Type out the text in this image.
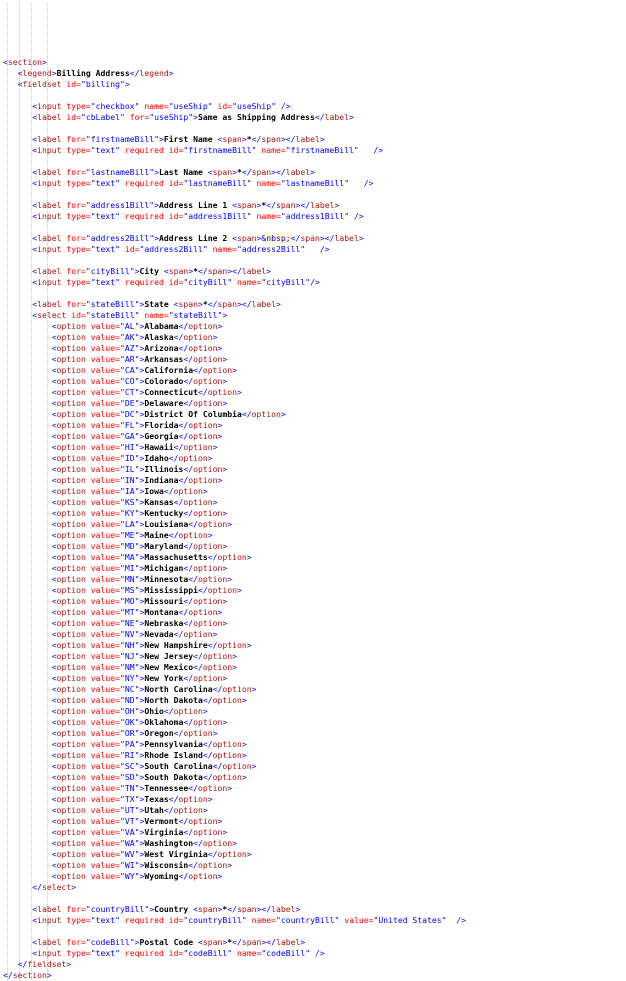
<section>
<legend>Billing Address</legend>
<fieldset id="billing">
<input type="checkbox" name="useShip" id="useShip" />
<label id="cbLabel" for="useShip">Same as Shipping Address</label>
<label for="firstnameBill">First Name <span>*</span></label>
<input type="text" required id="firstnameBill" name="firstnameBill" />
<label for="lastnameBill">Last Name <span>*</span></label>
<input type="text" required id="lastnameBill" name="lastnameBill" />
<label for="address1Bill">Address Line 1 <span>*</span></label>
<input type="text" required id="address1Bill" name="address1Bill" />
<label for="address2Bill">Address Line 2 <span>&nbsp;</span></label>
<input type="text" id="address2Bill" name="address2Bill" />
<label for="cityBill">City <span>*</span></label>
<input type="text" required id="cityBill" name="cityBill"/>
<label for="stateBill">State <span>*</span></label>
<select id="stateBill" name="stateBill">
<option value="AL">Alabama</option>
<option value="AK">Alaska</option>
<option value="AZ">Arizona</option>
<option value="AR">Arkansas</option>
<option value="CA">California</option>
<option value="CO">Colorado</option>
<option value="CT">Connecticut</option>
<option value="DE">Delaware</option>
<option value="DC">District Of Columbia</option>
<option value="FL">Florida</option>
<option value="GA">Georgia</option>
<option value="HI">Hawaii</option>
<option value="ID">Idaho</option>
<option value="IL">Illinois</option>
<option value="IN">Indiana</option>
<option value="IA">Iowa</option>
<option value="KS">Kansas</option>
<option value="KY">Kentucky</option>
<option value="LA">Louisiana</option>
<option value="ME">Maine</option>
<option value="MD">Maryland</option>
<option value="MA">Massachusetts</option>
<option value="MI">Michigan</option>
<option value="MN">Minnesota</option>
<option value="MS">Mississippi</option>
<option value="MO">Missouri</option>
<option value="MT">Montana</option>
<option value="NE">Nebraska</option>
<option value="NV">Nevada</option>
<option value="NH">New Hampshire</option>
<option value="NJ">New Jersey</option>
<option value="NM">New Mexico</option>
<option value="NY">New York</option>
<option value="NC">North Carolina</option>
<option value="ND">North Dakota</option>
<option value="OH">Ohio</option>
<option value="OK">Oklahoma</option>
<option value="OR">Oregon</option>
<option value="PA">Pennsylvania</option>
<option value="RI">Rhode Island</option>
<option value="SC">South Carolina</option>
<option value="SD">South Dakota</option>
<option value="TN">Tennessee</option>
<option value="TX">Texas</option>
<option value="UT">Utah</option>
<option value="VT">Vermont</option>
<option value="VA">Virginia</option>
<option value="WA">Washington</option>
<option value="WV">West Virginia</option>
<option value="WI">Wisconsin</option>
<option value="WY">Wyoming</option>
</select>
<label for="countryBill">Country <span>*</span></label>
<input type="text" required id="countryBill" name="countryBill" value="United States" />
<label for="codeBill">Postal Code <span>*</span></label>
<input type="text" required id="codeBill" name="codeBill" />
</fieldset>
</section>
